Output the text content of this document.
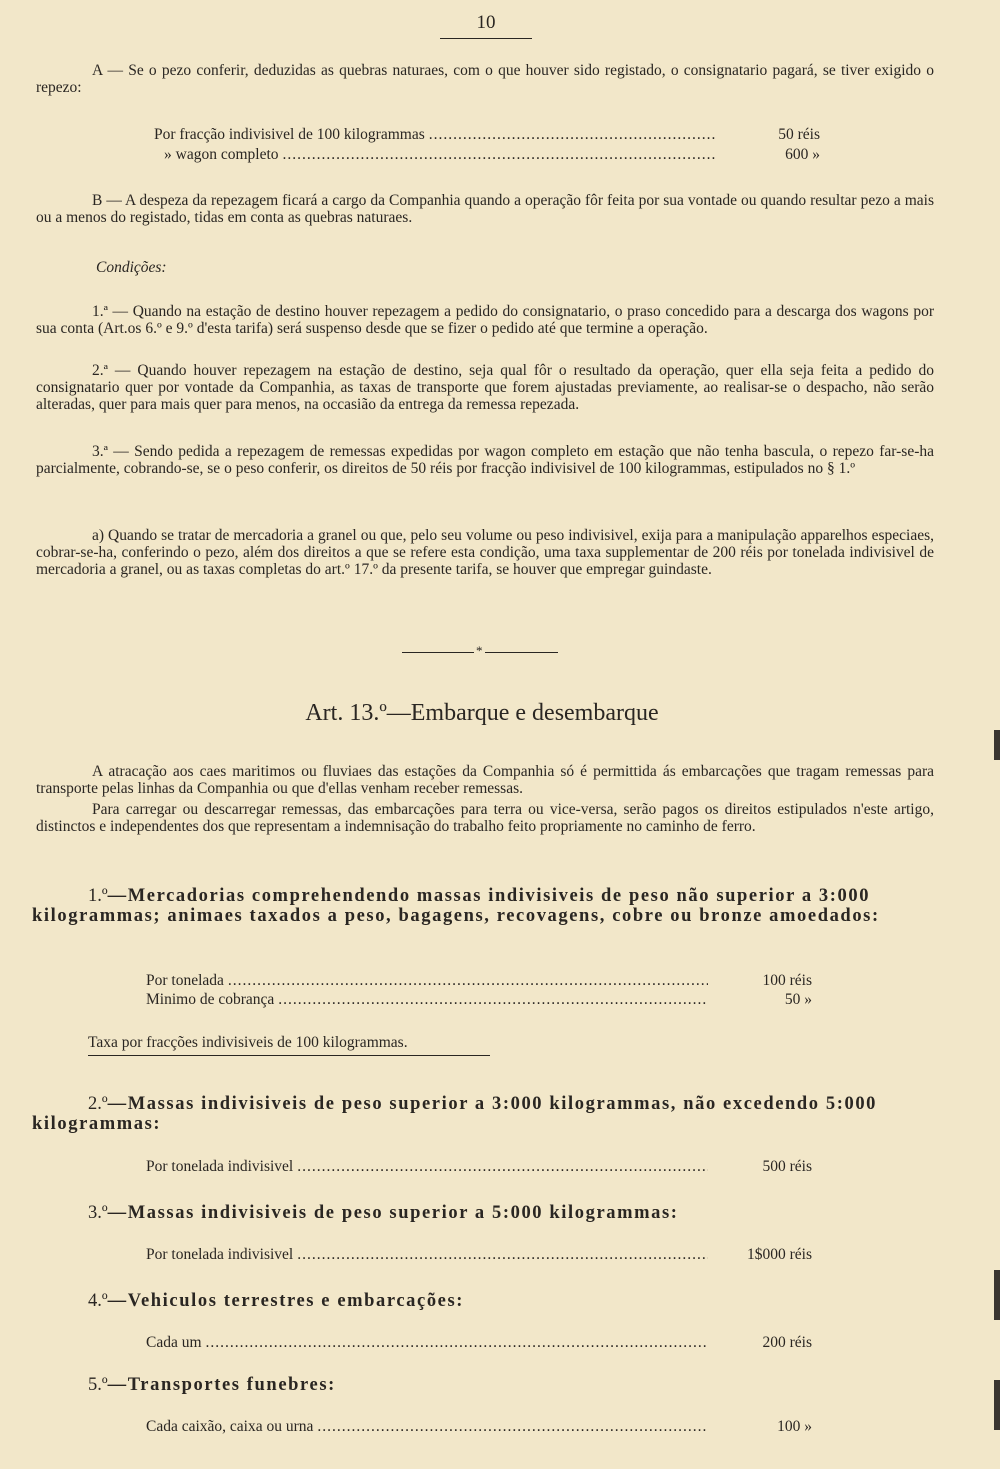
10
A — Se o pezo conferir, deduzidas as quebras naturaes, com o que houver sido registado, o consignatario pagará, se tiver exigido o repezo:
Por fracção indivisivel de 100 kilogrammas .....	50 réis
» wagon completo .....	600 »
B — A despeza da repezagem ficará a cargo da Companhia quando a operação fôr feita por sua vontade ou quando resultar pezo a mais ou a menos do registado, tidas em conta as quebras naturaes.
Condições:
1.ª — Quando na estação de destino houver repezagem a pedido do consignatario, o praso concedido para a descarga dos wagons por sua conta (Art.os 6.º e 9.º d'esta tarifa) será suspenso desde que se fizer o pedido até que termine a operação.
2.ª — Quando houver repezagem na estação de destino, seja qual fôr o resultado da operação, quer ella seja feita a pedido do consignatario quer por vontade da Companhia, as taxas de transporte que forem ajustadas previamente, ao realisar-se o despacho, não serão alteradas, quer para mais quer para menos, na occasião da entrega da remessa repezada.
3.ª — Sendo pedida a repezagem de remessas expedidas por wagon completo em estação que não tenha bascula, o repezo far-se-ha parcialmente, cobrando-se, se o peso conferir, os direitos de 50 réis por fracção indivisivel de 100 kilogrammas, estipulados no § 1.º
a) Quando se tratar de mercadoria a granel ou que, pelo seu volume ou peso indivisivel, exija para a manipulação apparelhos especiaes, cobrar-se-ha, conferindo o pezo, além dos direitos a que se refere esta condição, uma taxa supplementar de 200 réis por tonelada indivisivel de mercadoria a granel, ou as taxas completas do art.º 17.º da presente tarifa, se houver que empregar guindaste.
*
Art. 13.º—Embarque e desembarque
A atracação aos caes maritimos ou fluviaes das estações da Companhia só é permittida ás embarcações que tragam remessas para transporte pelas linhas da Companhia ou que d'ellas venham receber remessas.
Para carregar ou descarregar remessas, das embarcações para terra ou vice-versa, serão pagos os direitos estipulados n'este artigo, distinctos e independentes dos que representam a indemnisação do trabalho feito propriamente no caminho de ferro.
1.º—Mercadorias comprehendendo massas indivisiveis de peso não superior a 3:000 kilogrammas; animaes taxados a peso, bagagens, recovagens, cobre ou bronze amoedados:
Por tonelada .....	100 réis
Minimo de cobrança .....	50 »
Taxa por fracções indivisiveis de 100 kilogrammas.
2.º—Massas indivisiveis de peso superior a 3:000 kilogrammas, não excedendo 5:000 kilogrammas:
Por tonelada indivisivel .....	500 réis
3.º—Massas indivisiveis de peso superior a 5:000 kilogrammas:
Por tonelada indivisivel .....	1$000 réis
4.º—Vehiculos terrestres e embarcações:
Cada um .....	200 réis
5.º—Transportes funebres:
Cada caixão, caixa ou urna .....	100 »
